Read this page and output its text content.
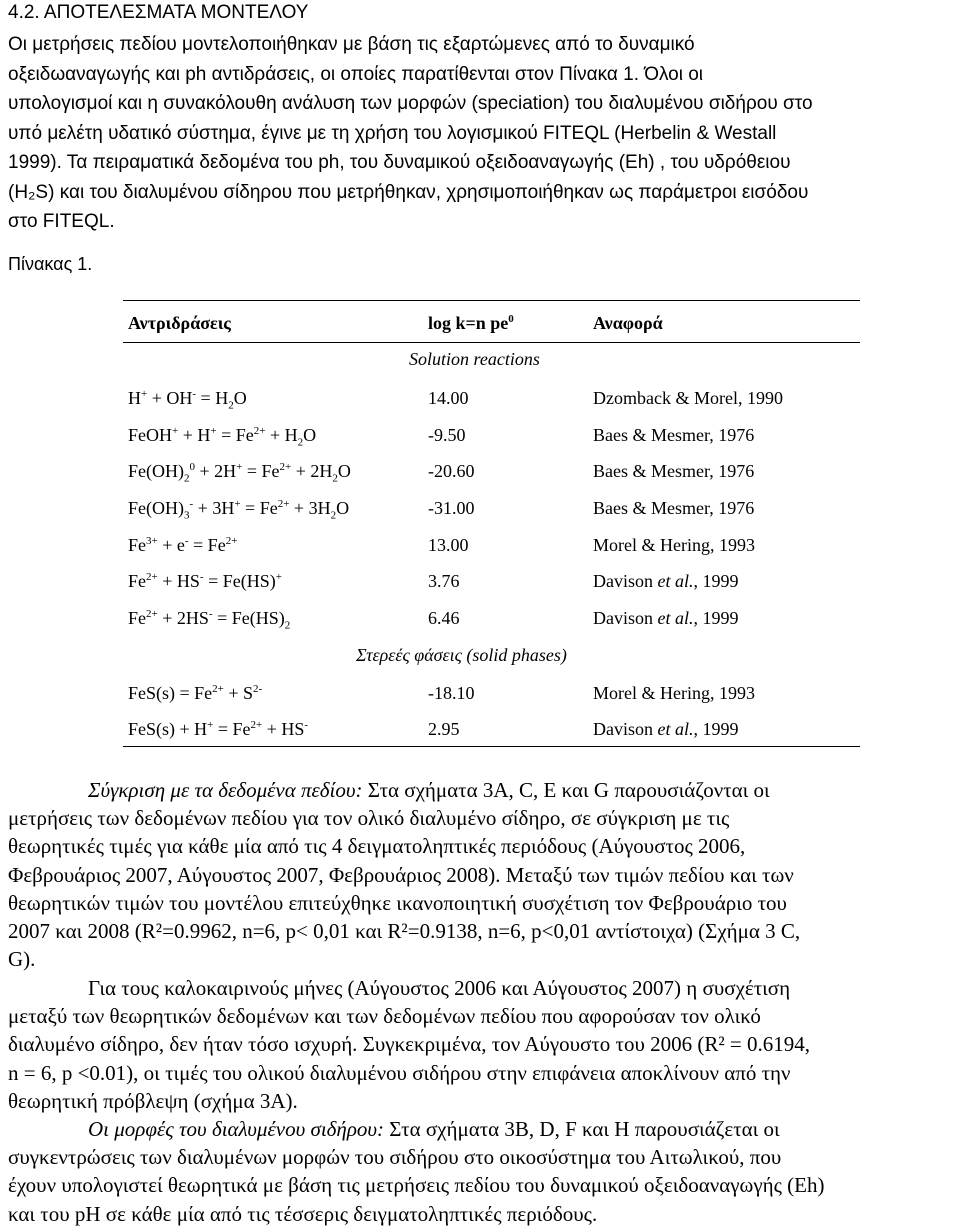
4.2. ΑΠΟΤΕΛΕΣΜΑΤΑ ΜΟΝΤΕΛΟΥ
Οι μετρήσεις πεδίου μοντελοποιήθηκαν με βάση τις εξαρτώμενες από το δυναμικό
οξειδωαναγωγής και ph αντιδράσεις, οι οποίες παρατίθενται στον Πίνακα 1. Όλοι οι
υπολογισμοί και η συνακόλουθη ανάλυση των μορφών (speciation) του διαλυμένου σιδήρου στο
υπό μελέτη υδατικό σύστημα, έγινε με τη χρήση του λογισμικού FITEQL (Herbelin & Westall
1999). Τα πειραματικά δεδομένα του ph, του δυναμικού οξειδοαναγωγής (Eh) , του υδρόθειου
(H₂S) και του διαλυμένου σίδηρου που μετρήθηκαν, χρησιμοποιήθηκαν ως παράμετροι εισόδου
στο FITEQL.
Πίνακας 1.
Αντριδράσεις	log k=n $pe^0$	Αναφορά
Solution reactions
$H^+ + OH^- = H_2O$	14.00	Dzomback & Morel, 1990
FeOH+ + $H^+ = Fe^{2+} + H_2O$	-9.50	Baes & Mesmer, 1976
$Fe(OH)_2^0 + 2H^+ = Fe^{2+} + 2H_2O$	-20.60	Baes & Mesmer, 1976
$Fe(OH)_3^- + 3H^+ = Fe^{2+} + 3H_2O$	-31.00	Baes & Mesmer, 1976
$Fe^{3+} + e^- = Fe^{2+}$	13.00	Morel & Hering, 1993
$Fe^{2+} + HS^- = Fe(HS)^+$	3.76	Davison et al., 1999
$Fe^{2+} + 2HS^- = Fe(HS)_2$	6.46	Davison et al., 1999
Στερεές φάσεις (solid phases)
$FeS(s) = Fe^{2+} + S^{2-}$	-18.10	Morel & Hering, 1993
$FeS(s) + H^+ = Fe^{2+} + HS^-$	2.95	Davison et al., 1999
Σύγκριση με τα δεδομένα πεδίου: Στα σχήματα 3A, C, E και G παρουσιάζονται οι
μετρήσεις των δεδομένων πεδίου για τον ολικό διαλυμένο σίδηρο, σε σύγκριση με τις
θεωρητικές τιμές για κάθε μία από τις 4 δειγματοληπτικές περιόδους (Αύγουστος 2006,
Φεβρουάριος 2007, Αύγουστος 2007, Φεβρουάριος 2008). Μεταξύ των τιμών πεδίου και των
θεωρητικών τιμών του μοντέλου επιτεύχθηκε ικανοποιητική συσχέτιση τον Φεβρουάριο του
2007 και 2008 (R²=0.9962, n=6, p< 0,01 και R²=0.9138, n=6, p<0,01 αντίστοιχα) (Σχήμα 3 C,
G).
Για τους καλοκαιρινούς μήνες (Αύγουστος 2006 και Αύγουστος 2007) η συσχέτιση
μεταξύ των θεωρητικών δεδομένων και των δεδομένων πεδίου που αφορούσαν τον ολικό
διαλυμένο σίδηρο, δεν ήταν τόσο ισχυρή. Συγκεκριμένα, τον Αύγουστο του 2006 (R² = 0.6194,
n = 6, p <0.01), οι τιμές του ολικού διαλυμένου σιδήρου στην επιφάνεια αποκλίνουν από την
θεωρητική πρόβλεψη (σχήμα 3A).
Οι μορφές του διαλυμένου σιδήρου: Στα σχήματα 3B, D, F και H παρουσιάζεται οι
συγκεντρώσεις των διαλυμένων μορφών του σιδήρου στο οικοσύστημα του Αιτωλικού, που
έχουν υπολογιστεί θεωρητικά με βάση τις μετρήσεις πεδίου του δυναμικού οξειδοαναγωγής (Eh)
και του pH σε κάθε μία από τις τέσσερις δειγματοληπτικές περιόδους.
